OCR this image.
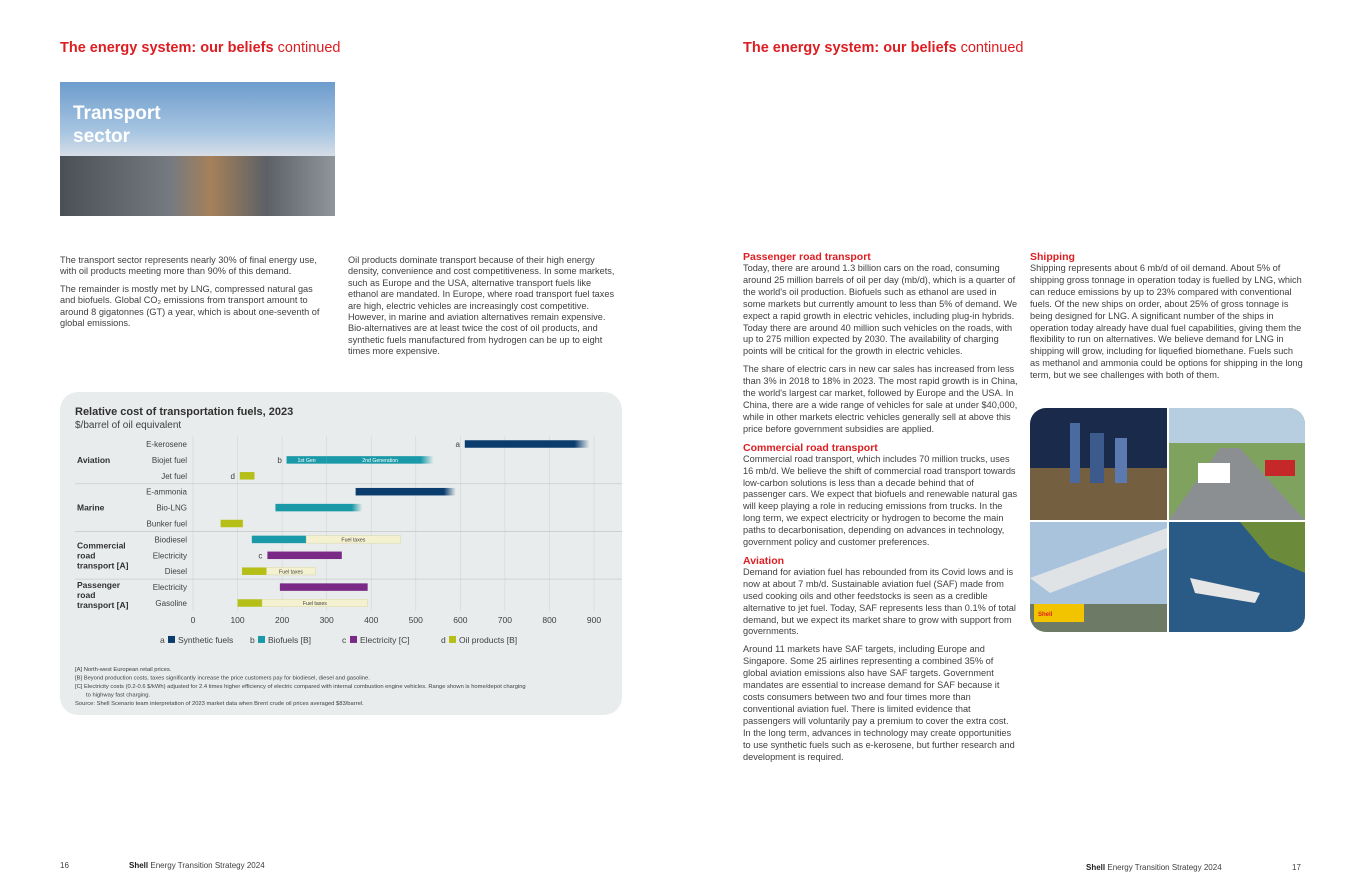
The energy system: our beliefs continued
Transport
sector

The transport sector represents nearly 30% of final energy use, with oil products meeting more than 90% of this demand.

The remainder is mostly met by LNG, compressed natural gas and biofuels. Global CO₂ emissions from transport amount to around 8 gigatonnes (GT) a year, which is about one-seventh of global emissions.

Oil products dominate transport because of their high energy density, convenience and cost competitiveness. In some markets, such as Europe and the USA, alternative transport fuels like ethanol are mandated. In Europe, where road transport fuel taxes are high, electric vehicles are increasingly cost competitive. However, in marine and aviation alternatives remain expensive. Bio-alternatives are at least twice the cost of oil products, and synthetic fuels manufactured from hydrogen can be up to eight times more expensive.

Relative cost of transportation fuels, 2023
$/barrel of oil equivalent
0	100	200	300	400	500	600	700	800	900
Aviation
E-kerosene	a
Biojet fuel	1st Gen	2nd Generation
b
Jet fuel	d
Marine
E-ammonia
Bio-LNG
Bunker fuel
Commercial
road
transport [A]
Biodiesel	Fuel taxes
Electricity	c
Diesel	Fuel taxes
Passenger
road
transport [A]
Electricity
Gasoline	Fuel taxes
a Synthetic fuels b Biofuels [B]	c Electricity [C]	d Oil products [B]
[A] North-west European retail prices.
[B] Beyond production costs, taxes significantly increase the price customers pay for biodiesel, diesel and gasoline.
[C] Electricity costs (0.2-0.6 $/kWh) adjusted for 2.4 times higher efficiency of electric compared with internal combustion engine vehicles. Range shown is home/depot charging
to highway fast charging.
Source: Shell Scenario team interpretation of 2023 market data when Brent crude oil prices averaged $83/barrel.
16	Shell Energy Transition Strategy 2024
The energy system: our beliefs continued

Passenger road transport

Today, there are around 1.3 billion cars on the road, consuming around 25 million barrels of oil per day (mb/d), which is a quarter of the world's oil production. Biofuels such as ethanol are used in some markets but currently amount to less than 5% of demand. We expect a rapid growth in electric vehicles, including plug-in hybrids. Today there are around 40 million such vehicles on the roads, with up to 275 million expected by 2030. The availability of charging points will be critical for the growth in electric vehicles.

The share of electric cars in new car sales has increased from less than 3% in 2018 to 18% in 2023. The most rapid growth is in China, the world's largest car market, followed by Europe and the USA. In China, there are a wide range of vehicles for sale at under $40,000, while in other markets electric vehicles generally sell at above this price before government subsidies are applied.

Commercial road transport

Commercial road transport, which includes 70 million trucks, uses 16 mb/d. We believe the shift of commercial road transport towards low-carbon solutions is less than a decade behind that of passenger cars. We expect that biofuels and renewable natural gas will keep playing a role in reducing emissions from trucks. In the long term, we expect electricity or hydrogen to become the main paths to decarbonisation, depending on advances in technology, government policy and customer preferences.

Aviation

Demand for aviation fuel has rebounded from its Covid lows and is now at about 7 mb/d. Sustainable aviation fuel (SAF) made from used cooking oils and other feedstocks is seen as a credible alternative to jet fuel. Today, SAF represents less than 0.1% of total demand, but we expect its market share to grow with support from governments.

Around 11 markets have SAF targets, including Europe and Singapore. Some 25 airlines representing a combined 35% of global aviation emissions also have SAF targets. Government mandates are essential to increase demand for SAF because it costs consumers between two and four times more than conventional aviation fuel. There is limited evidence that passengers will voluntarily pay a premium to cover the extra cost. In the long term, advances in technology may create opportunities to use synthetic fuels such as e-kerosene, but further research and development is required.

Shipping

Shipping represents about 6 mb/d of oil demand. About 5% of shipping gross tonnage in operation today is fuelled by LNG, which can reduce emissions by up to 23% compared with conventional fuels. Of the new ships on order, about 25% of gross tonnage is being designed for LNG. A significant number of the ships in operation today already have dual fuel capabilities, giving them the flexibility to run on alternatives. We believe demand for LNG in shipping will grow, including for liquefied biomethane. Fuels such as methanol and ammonia could be options for shipping in the long term, but we see challenges with both of them.

Shell
Shell Energy Transition Strategy 2024	17
